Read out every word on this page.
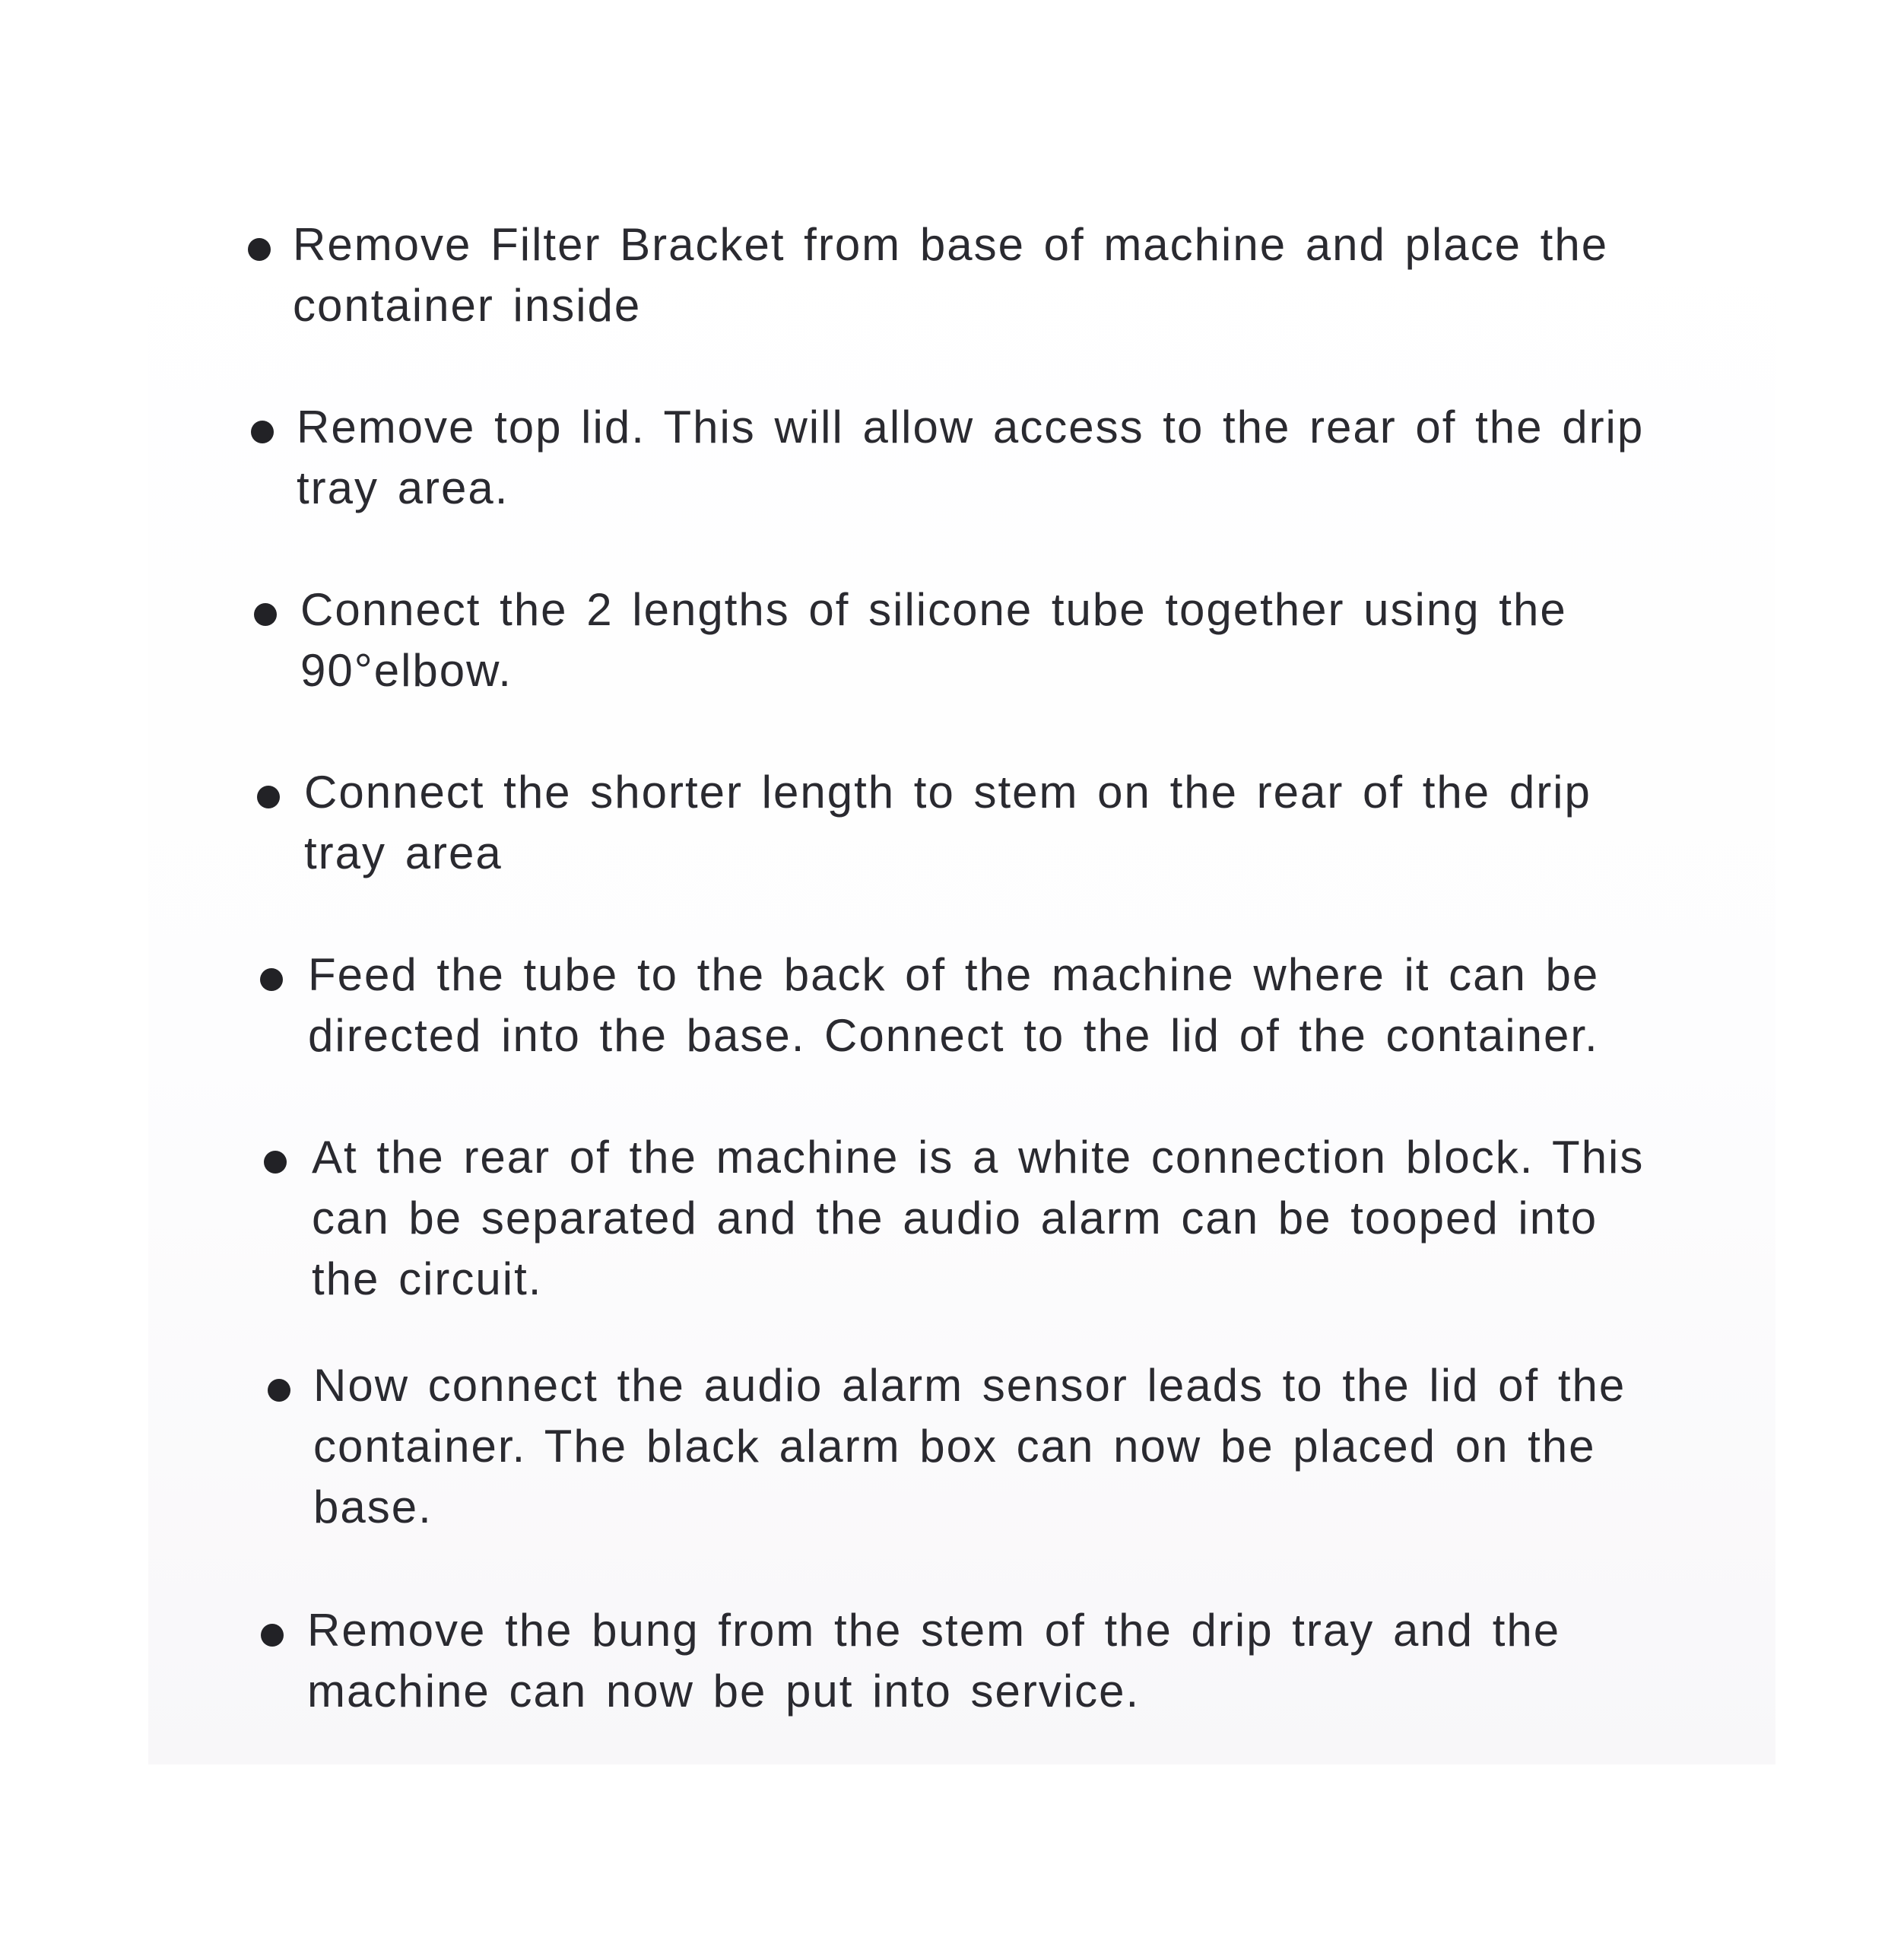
Remove Filter Bracket from base of machine and place the
container inside
Remove top lid. This will allow access to the rear of the drip
tray area.
Connect the 2 lengths of silicone tube together using the
90°elbow.
Connect the shorter length to stem on the rear of the drip
tray area
Feed the tube to the back of the machine where it can be
directed into the base. Connect to the lid of the container.
At the rear of the machine is a white connection block. This
can be separated and the audio alarm can be tooped into
the circuit.
Now connect the audio alarm sensor leads to the lid of the
container. The black alarm box can now be placed on the
base.
Remove the bung from the stem of the drip tray and the
machine can now be put into service.
